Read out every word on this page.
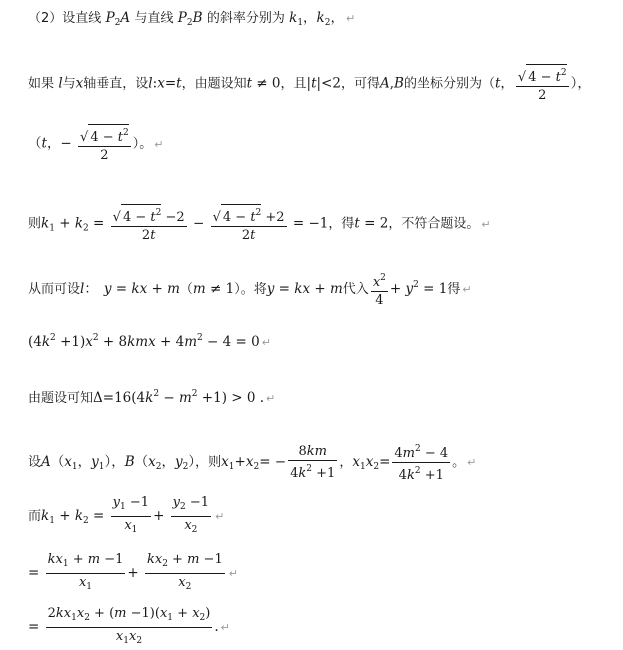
（2）设直线 $P_2A$ 与直线 $P_2B$ 的斜率分别为 $k_1$，$k_2$， ↵
如果 l与x轴垂直，设l:x=t，由题设知t ≠ 0，且|t|<2，可得A,B的坐标分别为（t， $\frac{√ 4 - t^2}{2}$ ），
（t，− $\frac{√ 4 - t^2}{2}$ ）。 ↵
则$k_1 + k_2 = \frac{√ 4 - t^2 -2}{2t} - \frac{√ 4 - t^2 +2}{2t} = -1$，得t = 2，不符合题设。 ↵
从而可设l： y = kx + m（m ≠ 1）。将y = kx + m代入 $\frac{x^2}{4} + y^2 = 1$得 ↵
$(4k^2 +1)x^2 + 8kmx + 4m^2 - 4 = 0$ ↵
由题设可知$\Delta=16(4k^2 - m^2 +1) > 0$ . ↵
设$A(x_1$，$y_1$），$B(x_2$，$y_2$），则$x_1+x_2= - \frac{8km}{4k^2 +1}$ ，$x_1x_2= \frac{4m^2 - 4}{4k^2 +1}$ 。 ↵
而$k_1 + k_2 = \frac{y_1 -1}{x_1} + \frac{y_2 -1}{x_2}$ ↵
= $\frac{kx_1 + m -1}{x_1} + \frac{kx_2 + m -1}{x_2}$ ↵
= $\frac{2kx_1x_2 + (m -1)(x_1 + x_2)}{x_1x_2}$ . ↵
